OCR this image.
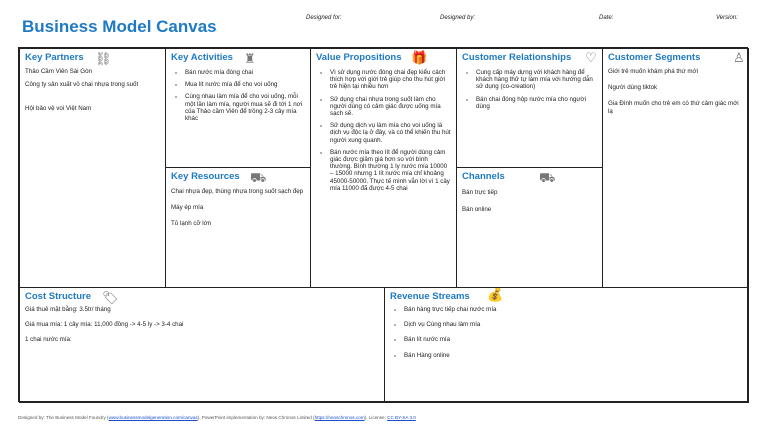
Business Model Canvas	Designed for:	Designed by:	Date:	Version:
Key Partners ⛓

Thảo Cầm Viên Sài Gòn

Công ty sản xuất vỏ chai nhựa trong suốt

Hội bảo vệ voi Việt Nam

Key Activities ♜
• Bán nước mía đóng chai
• Mua lít nước mía để cho voi uống
• Cùng nhau làm mía để cho voi uống, mỗi một lần làm mía, người mua sẽ đi tới 1 nơi của Thảo cầm Viên để trồng 2-3 cây mía khác
Key Resources ⛟

Chai nhựa đẹp, thùng nhựa trong suốt sạch đẹp

Máy ép mía

Tủ lạnh cỡ lớn

Value Propositions 🎁
• Vì sử dụng nước đóng chai đẹp kiểu cách thích hợp với giới trẻ giúp cho thu hút giới trẻ hiện tại nhiều hơn
• Sử dụng chai nhựa trong suốt làm cho người dùng có cảm giác được uống mía sạch sẽ.
• Sử dụng dịch vụ làm mía cho voi uống là dịch vụ độc lạ ở đây, và có thể khiến thu hút người xung quanh.
• Bán nước mía theo lít để người dùng cảm giác được giảm giá hơn so với bình thường. Bình thường 1 ly nước mía 10000 – 15000 nhưng 1 lít nước mía chỉ khoảng 45000-50000. Thực tế mình vắn lời vì 1 cây mía 11000 đã được 4-5 chai
Customer Relationships	♡
• Cung cấp máy dựng với khách hàng để khách hàng thử tự làm mía với hướng dẫn sử dụng (co-creation)
• Bán chai đóng hộp nước mía cho người dùng
Channels	⛟

Bán trực tiếp

Bán online

Customer Segments	♙

Giới trẻ muốn khám phá thứ mới

Người dùng tiktok

Gia Đình muốn cho trẻ em có thứ cảm giác mới lạ

Cost Structure 🏷

Giá thuê mặt bằng: 3.5tr/ tháng

Giá mua mía: 1 cây mía: 11,000 đồng -> 4-5 ly -> 3-4 chai

1 chai nước mía:

Revenue Streams	💰
• Bán hàng trực tiếp chai nước mía
• Dịch vụ Cùng nhau làm mía
• Bán lít nước mía
• Bán Hàng online
Designed by: The Business Model Foundry (www.businessmodelgeneration.com/canvas). PowerPoint implementation by: Neos Chronos Limited (https://neoschronos.com). License: CC BY-SA 3.0
